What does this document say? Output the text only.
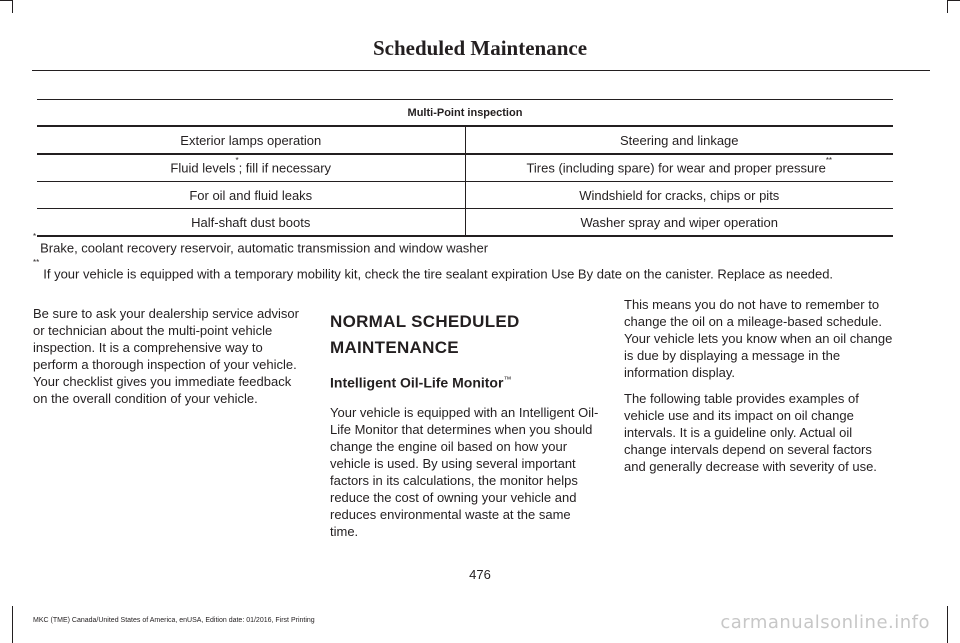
Scheduled Maintenance
Multi-Point inspection	
Exterior lamps operation	Steering and linkage
Fluid levels*; fill if necessary	Tires (including spare) for wear and proper pressure**
For oil and fluid leaks	Windshield for cracks, chips or pits
Half-shaft dust boots	Washer spray and wiper operation
*Brake, coolant recovery reservoir, automatic transmission and window washer
**If your vehicle is equipped with a temporary mobility kit, check the tire sealant expiration Use By date on the canister. Replace as needed.

Be sure to ask your dealership service advisor or technician about the multi-point vehicle inspection. It is a comprehensive way to perform a thorough inspection of your vehicle. Your checklist gives you immediate feedback on the overall condition of your vehicle.

NORMAL SCHEDULED
MAINTENANCE
Intelligent Oil-Life Monitor™

Your vehicle is equipped with an Intelligent Oil-Life Monitor that determines when you should change the engine oil based on how your vehicle is used. By using several important factors in its calculations, the monitor helps reduce the cost of owning your vehicle and reduces environmental waste at the same time.

This means you do not have to remember to change the oil on a mileage-based schedule. Your vehicle lets you know when an oil change is due by displaying a message in the information display.

The following table provides examples of vehicle use and its impact on oil change intervals. It is a guideline only. Actual oil change intervals depend on several factors and generally decrease with severity of use.

476
MKC (TME) Canada/United States of America, enUSA, Edition date: 01/2016, First Printing	carmanualsonline.info
